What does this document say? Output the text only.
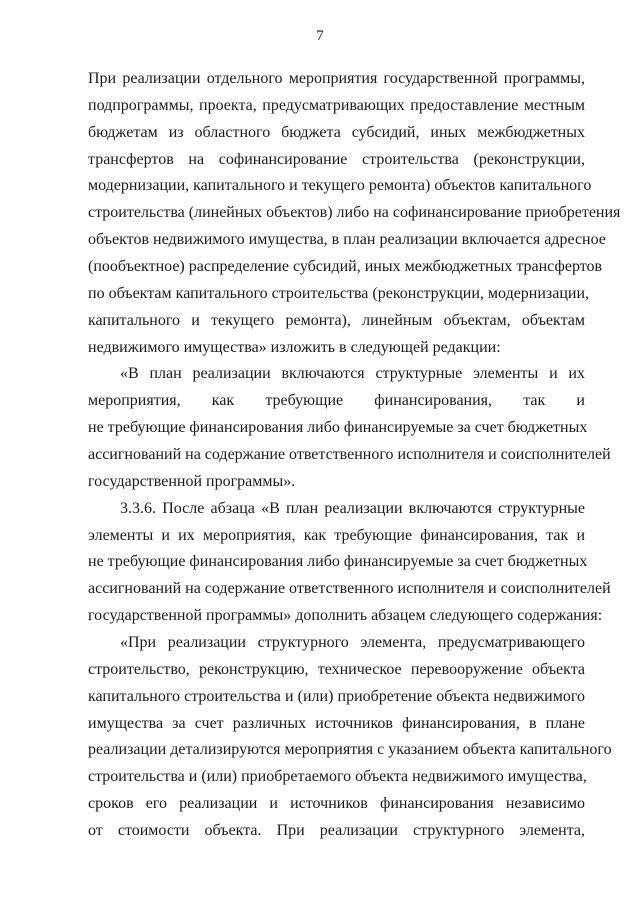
7
При реализации отдельного мероприятия государственной программы,
подпрограммы, проекта, предусматривающих предоставление местным
бюджетам из областного бюджета субсидий, иных межбюджетных
трансфертов на софинансирование строительства (реконструкции,
модернизации, капитального и текущего ремонта) объектов капитального
строительства (линейных объектов) либо на софинансирование приобретения
объектов недвижимого имущества, в план реализации включается адресное
(пообъектное) распределение субсидий, иных межбюджетных трансфертов
по объектам капитального строительства (реконструкции, модернизации,
капитального и текущего ремонта), линейным объектам, объектам
недвижимого имущества» изложить в следующей редакции:
«В план реализации включаются структурные элементы и их
мероприятия, как требующие финансирования, так и
не требующие финансирования либо финансируемые за счет бюджетных
ассигнований на содержание ответственного исполнителя и соисполнителей
государственной программы».
3.3.6. После абзаца «В план реализации включаются структурные
элементы и их мероприятия, как требующие финансирования, так и
не требующие финансирования либо финансируемые за счет бюджетных
ассигнований на содержание ответственного исполнителя и соисполнителей
государственной программы» дополнить абзацем следующего содержания:
«При реализации структурного элемента, предусматривающего
строительство, реконструкцию, техническое перевооружение объекта
капитального строительства и (или) приобретение объекта недвижимого
имущества за счет различных источников финансирования, в плане
реализации детализируются мероприятия с указанием объекта капитального
строительства и (или) приобретаемого объекта недвижимого имущества,
сроков его реализации и источников финансирования независимо
от стоимости объекта. При реализации структурного элемента,
